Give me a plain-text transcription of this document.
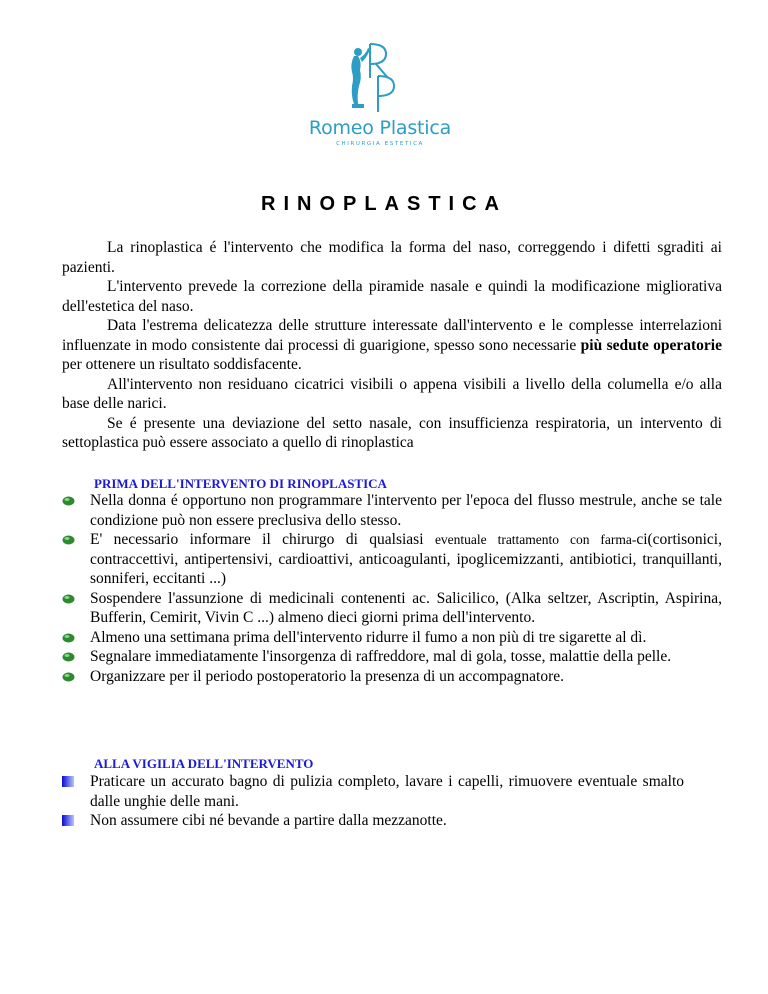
Romeo Plastica
CHIRURGIA ESTETICA
RINOPLASTICA

La rinoplastica é l'intervento che modifica la forma del naso, correggendo i difetti sgraditi ai pazienti.

L'intervento prevede la correzione della piramide nasale e quindi la modificazione migliorativa dell'estetica del naso.

Data l'estrema delicatezza delle strutture interessate dall'intervento e le complesse interrelazioni influenzate in modo consistente dai processi di guarigione, spesso sono necessarie più sedute operatorie per ottenere un risultato soddisfacente.

All'intervento non residuano cicatrici visibili o appena visibili a livello della columella e/o alla base delle narici.

Se é presente una deviazione del setto nasale, con insufficienza respiratoria, un intervento di settoplastica può essere associato a quello di rinoplastica

PRIMA DELL'INTERVENTO DI RINOPLASTICA
Nella donna é opportuno non programmare l'intervento per l'epoca del flusso mestrule, anche se tale condizione può non essere preclusiva dello stesso.
E' necessario informare il chirurgo di qualsiasi eventuale trattamento con farma-ci(cortisonici, contraccettivi, antipertensivi, cardioattivi, anticoagulanti, ipoglicemizzanti, antibiotici, tranquillanti, sonniferi, eccitanti ...)
Sospendere l'assunzione di medicinali contenenti ac. Salicilico, (Alka seltzer, Ascriptin, Aspirina, Bufferin, Cemirit, Vivin C ...) almeno dieci giorni prima dell'intervento.
Almeno una settimana prima dell'intervento ridurre il fumo a non più di tre sigarette al dì.
Segnalare immediatamente l'insorgenza di raffreddore, mal di gola, tosse, malattie della pelle.
Organizzare per il periodo postoperatorio la presenza di un accompagnatore.
ALLA VIGILIA DELL'INTERVENTO
Praticare un accurato bagno di pulizia completo, lavare i capelli, rimuovere eventuale smalto dalle unghie delle mani.
Non assumere cibi né bevande a partire dalla mezzanotte.
